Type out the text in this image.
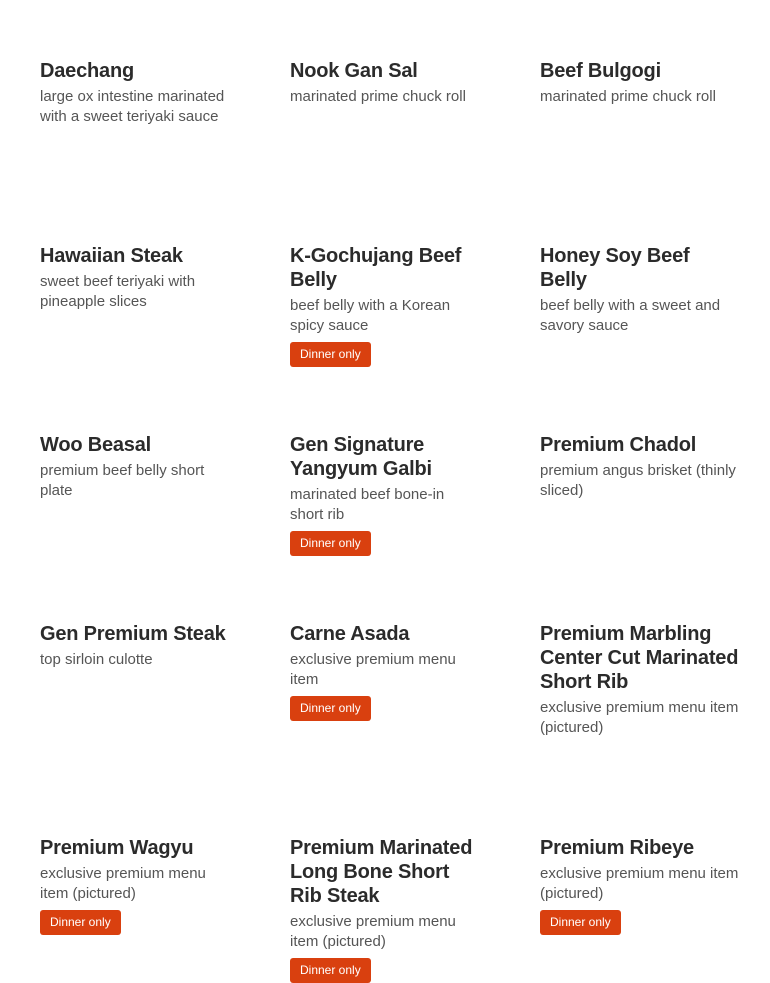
Daechang

large ox intestine marinated with a sweet teriyaki sauce

Nook Gan Sal

marinated prime chuck roll

Beef Bulgogi

marinated prime chuck roll

Hawaiian Steak

sweet beef teriyaki with pineapple slices

K-Gochujang Beef Belly

beef belly with a Korean spicy sauce

Dinner only
Honey Soy Beef Belly

beef belly with a sweet and savory sauce

Woo Beasal

premium beef belly short plate

Gen Signature Yangyum Galbi

marinated beef bone-in short rib

Dinner only
Premium Chadol

premium angus brisket (thinly sliced)

Gen Premium Steak

top sirloin culotte

Carne Asada

exclusive premium menu item

Dinner only
Premium Marbling Center Cut Marinated Short Rib

exclusive premium menu item (pictured)

Premium Wagyu

exclusive premium menu item (pictured)

Dinner only
Premium Marinated Long Bone Short Rib Steak

exclusive premium menu item (pictured)

Dinner only
Premium Ribeye

exclusive premium menu item (pictured)

Dinner only
